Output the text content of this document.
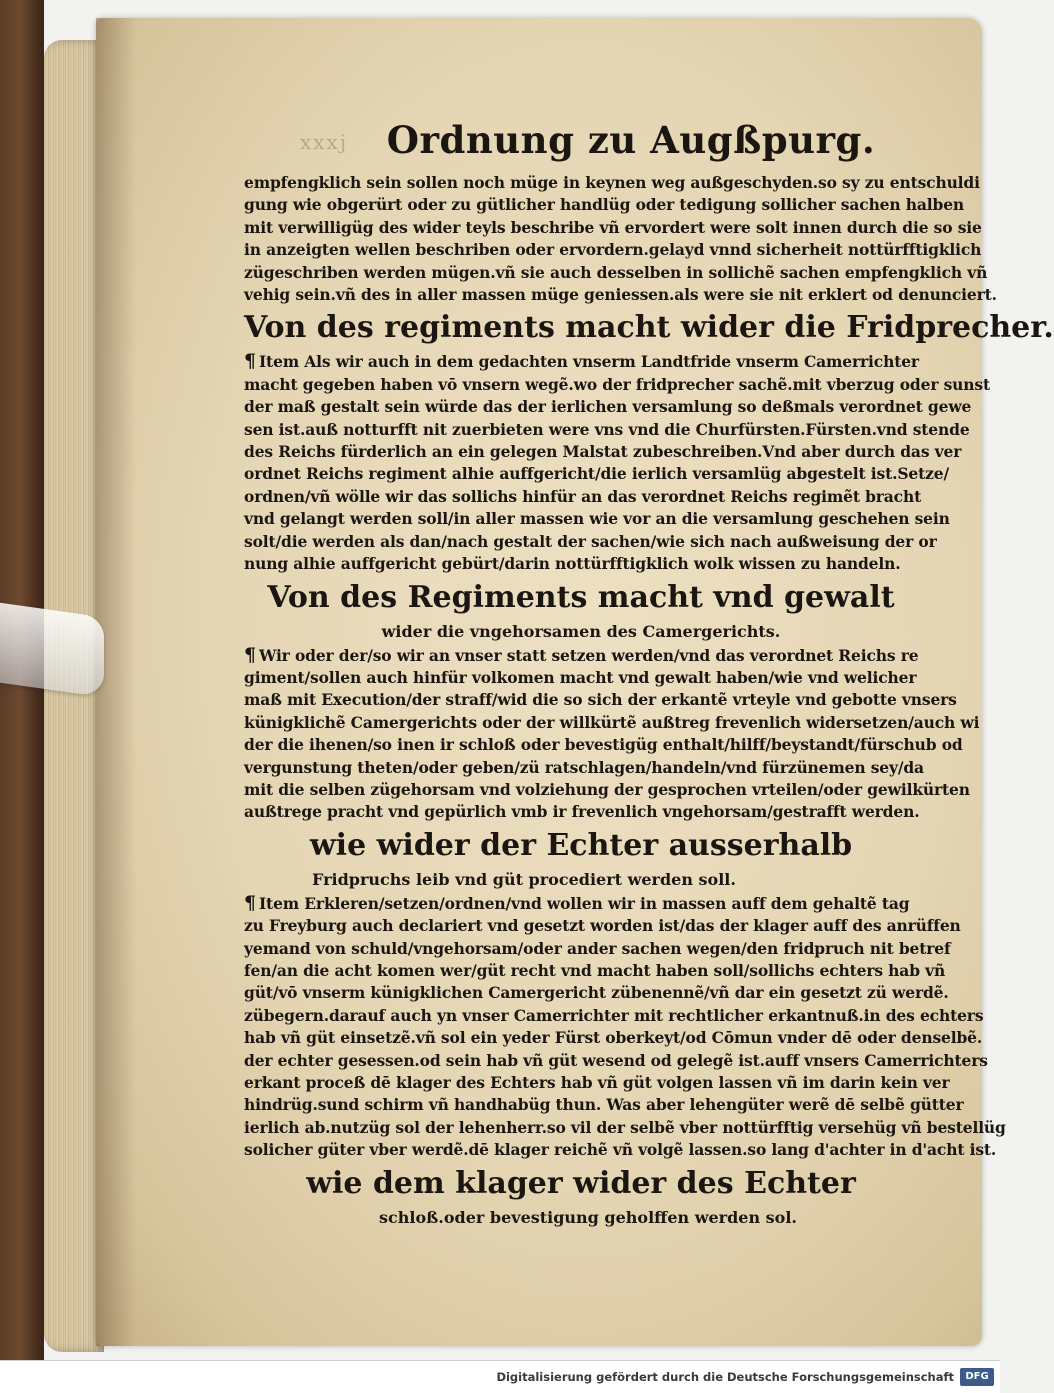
xxxj	Ordnung zu Augßpurg.
empfengklich sein sollen noch müge in keynen weg außgeschyden.so sy zu entschuldi
gung wie obgerürt oder zu gütlicher handlüg oder tedigung sollicher sachen halben
mit verwilligüg des wider teyls beschribe vñ ervordert were solt innen durch die so sie
in anzeigten wellen beschriben oder ervordern.gelayd vnnd sicherheit nottürfftigklich
zügeschriben werden mügen.vñ sie auch desselben in sollichẽ sachen empfengklich vñ
vehig sein.vñ des in aller massen müge geniessen.als were sie nit erklert od denunciert.
Von des regiments macht wider die Fridprecher.
¶ Item Als wir auch in dem gedachten vnserm Landtfride vnserm Camerrichter
macht gegeben haben vō vnsern wegẽ.wo der fridprecher sachẽ.mit vberzug oder sunst
der maß gestalt sein würde das der ierlichen versamlung so deßmals verordnet gewe
sen ist.auß notturfft nit zuerbieten were vns vnd die Churfürsten.Fürsten.vnd stende
des Reichs fürderlich an ein gelegen Malstat zubeschreiben.Vnd aber durch das ver
ordnet Reichs regiment alhie auffgericht/die ierlich versamlüg abgestelt ist.Setze/
ordnen/vñ wölle wir das sollichs hinfür an das verordnet Reichs regimẽt bracht
vnd gelangt werden soll/in aller massen wie vor an die versamlung geschehen sein
solt/die werden als dan/nach gestalt der sachen/wie sich nach außweisung der or
nung alhie auffgericht gebürt/darin nottürfftigklich wolk wissen zu handeln.
Von des Regiments macht vnd gewalt
wider die vngehorsamen des Camergerichts.
¶ Wir oder der/so wir an vnser statt setzen werden/vnd das verordnet Reichs re
giment/sollen auch hinfür volkomen macht vnd gewalt haben/wie vnd welicher
maß mit Execution/der straff/wid die so sich der erkantẽ vrteyle vnd gebotte vnsers
künigklichẽ Camergerichts oder der willkürtẽ außtreg frevenlich widersetzen/auch wi
der die ihenen/so inen ir schloß oder bevestigüg enthalt/hilff/beystandt/fürschub od
vergunstung theten/oder geben/zü ratschlagen/handeln/vnd fürzünemen sey/da
mit die selben zügehorsam vnd volziehung der gesprochen vrteilen/oder gewilkürten
außtrege pracht vnd gepürlich vmb ir frevenlich vngehorsam/gestrafft werden.
wie wider der Echter ausserhalb
Fridpruchs leib vnd güt procediert werden soll.
¶ Item Erkleren/setzen/ordnen/vnd wollen wir in massen auff dem gehaltẽ tag
zu Freyburg auch declariert vnd gesetzt worden ist/das der klager auff des anrüffen
yemand von schuld/vngehorsam/oder ander sachen wegen/den fridpruch nit betref
fen/an die acht komen wer/güt recht vnd macht haben soll/sollichs echters hab vñ
güt/vō vnserm künigklichen Camergericht zübenennẽ/vñ dar ein gesetzt zü werdẽ.
zübegern.darauf auch yn vnser Camerrichter mit rechtlicher erkantnuß.in des echters
hab vñ güt einsetzẽ.vñ sol ein yeder Fürst oberkeyt/od Cōmun vnder dē oder denselbẽ.
der echter gesessen.od sein hab vñ güt wesend od gelegẽ ist.auff vnsers Camerrichters
erkant proceß dē klager des Echters hab vñ güt volgen lassen vñ im darin kein ver
hindrüg.sund schirm vñ handhabüg thun. Was aber lehengüter werẽ dē selbẽ gütter
ierlich ab.nutzüg sol der lehenherr.so vil der selbẽ vber nottürfftig versehüg vñ bestellüg
solicher güter vber werdẽ.dē klager reichẽ vñ volgẽ lassen.so lang d'achter in d'acht ist.
wie dem klager wider des Echter
schloß.oder bevestigung geholffen werden sol.
Digitalisierung gefördert durch die Deutsche Forschungsgemeinschaft	DFG
